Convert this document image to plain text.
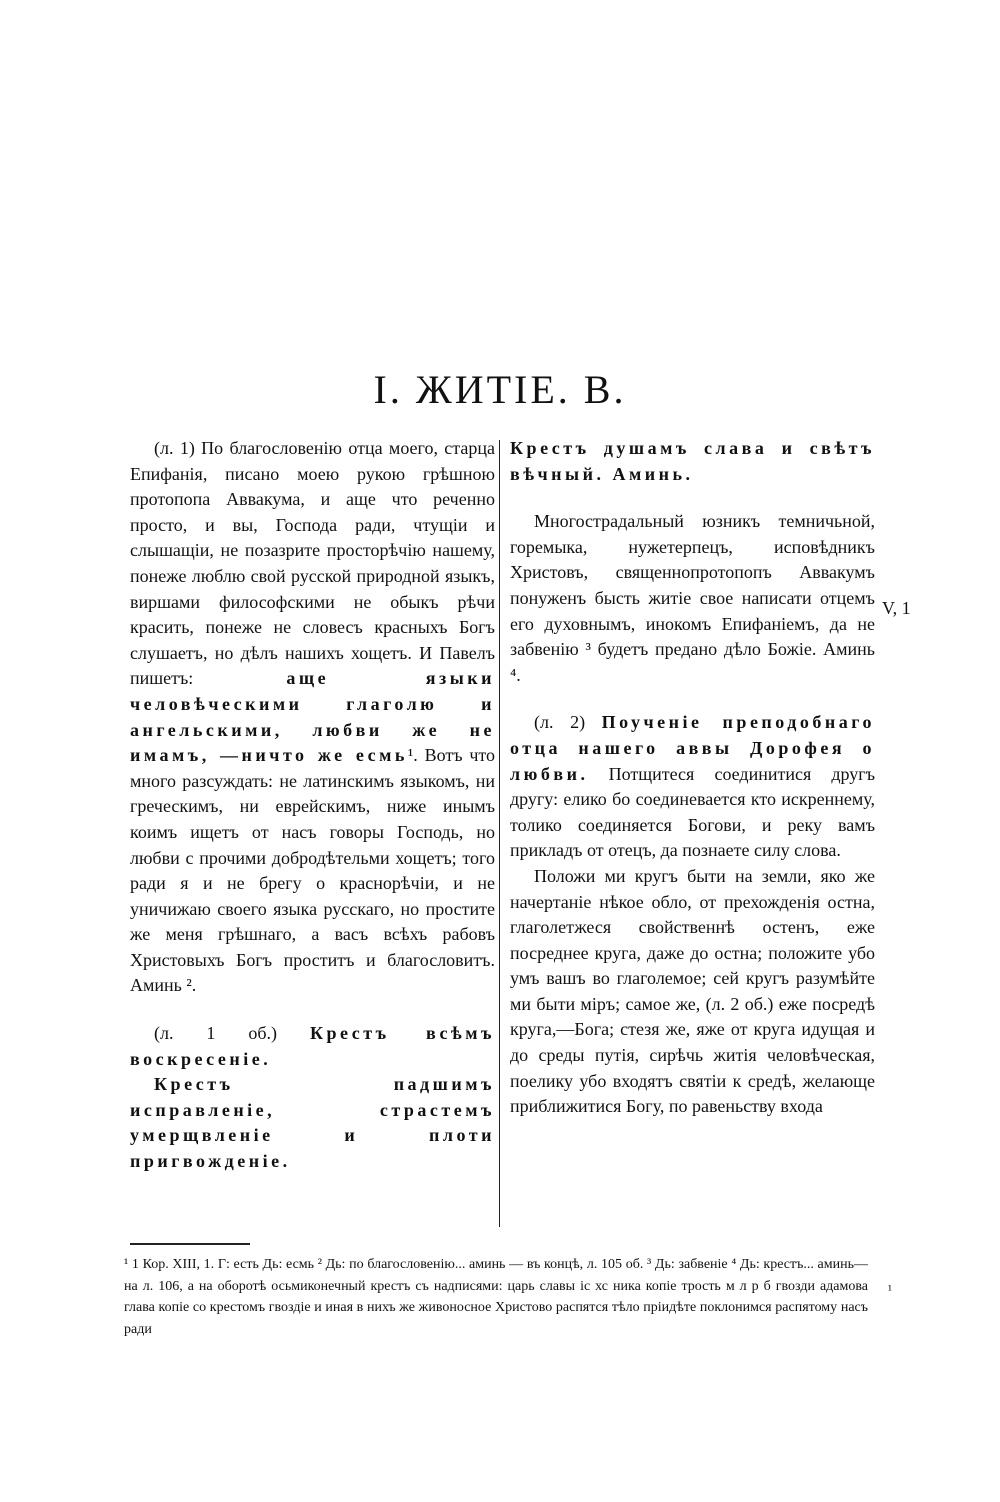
I. ЖИТІЕ. В.

(л. 1) По благословенію отца моего, старца Епифанія, писано моею рукою грѣшною протопопа Аввакума, и аще что реченно просто, и вы, Господа ради, чтущіи и слышащіи, не позазрите просторѣчію нашему, понеже люблю свой русской природной языкъ, виршами философскими не обыкъ рѣчи красить, понеже не словесъ красныхъ Богъ слушаетъ, но дѣлъ нашихъ хощетъ. И Павелъ пишетъ:	аще языки человѣческими глаголю и ангельскими, любви же не имамъ, —ничто же есмь¹. Вотъ что много разсуждать: не латинскимъ языкомъ, ни греческимъ, ни еврейскимъ, ниже инымъ коимъ ищетъ от насъ говоры Господь, но любви с прочими добродѣтельми хощетъ; того ради я и не брегу о краснорѣчіи, и не уничижаю своего языка русскаго, но простите же меня грѣшнаго, а васъ всѣхъ рабовъ Христовыхъ Богъ проститъ и благословитъ. Аминь ².

(л. 1 об.) Крестъ всѣмъ воскресеніе.

Крестъ падшимъ исправленіе, страстемъ умерщвленіе и плоти пригвожденіе.

Крестъ душамъ слава и свѣтъ вѣчный. Аминь.

Многострадальный юзникъ темничьной, горемыка, нужетерпецъ, исповѣдникъ Христовъ, священнопротопопъ Аввакумъ понуженъ бысть житіе свое написати отцемъ его духовнымъ, инокомъ Епифаніемъ, да не забвенію ³ будетъ предано дѣло Божіе. Аминь ⁴.

(л. 2) Поученіе преподобнаго отца нашего аввы Дорофея о любви. Потщитеся соединитися другъ другу: елико бо соединевается кто искреннему, толико соединяется Богови, и реку вамъ прикладъ от отецъ, да познаете силу слова.

Положи ми кругъ быти на земли, яко же начертаніе нѣкое обло, от прехожденія остна, глаголетжеся свойственнѣ остенъ, еже посреднее круга, даже до остна; положите убо умъ вашъ во глаголемое; сей кругъ разумѣйте ми быти міръ; самое же, (л. 2 об.) еже посредѣ круга,—Бога; стезя же, яже от круга идущая и до среды путія, сирѣчь житія человѣческая, поелику убо входятъ святіи к средѣ, желающе приближитися Богу, по равеньству входа

V, 1
¹ 1 Кор. XIII, 1. Г: есть Дь: есмь ² Дь: по благословенію... аминь — въ концѣ, л. 105 об. ³ Дь: забвеніе ⁴ Дь: крестъ... аминь—на л. 106, а на оборотѣ осьмиконечный крестъ съ надписями: царь славы іс хс ника копіе трость м л р б гвозди адамова глава копіе со крестомъ гвоздіе и иная в нихъ же живоносное Христово распятся тѣло пріидѣте поклонимся распятому насъ ради
¹
